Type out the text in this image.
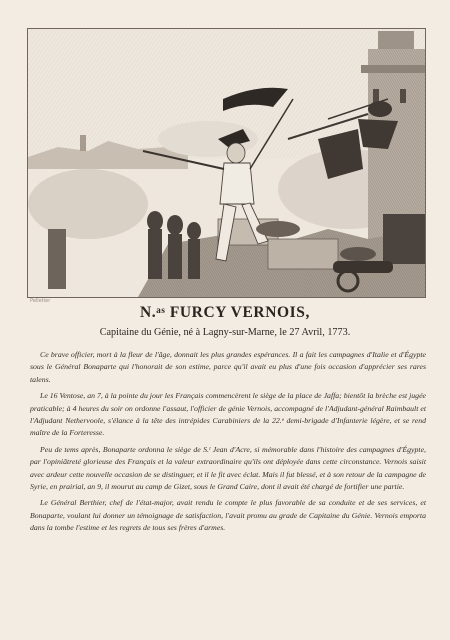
Pelletier
N.ᵃˢ FURCY VERNOIS,
Capitaine du Génie, né à Lagny-sur-Marne, le 27 Avril, 1773.

Ce brave officier, mort à la fleur de l'âge, donnait les plus grandes espérances. Il a fait les campagnes d'Italie et d'Égypte sous le Général Bonaparte qui l'honorait de son estime, parce qu'il avait eu plus d'une fois occasion d'apprécier ses rares talens.

Le 16 Ventose, an 7, à la pointe du jour les Français commencèrent le siège de la place de Jaffa; bientôt la brèche est jugée praticable; à 4 heures du soir on ordonne l'assaut, l'officier de génie Vernois, accompagné de l'Adjudant-général Raimbault et l'Adjudant Nethervoole, s'élance à la tête des intrépides Carabiniers de la 22.ᵉ demi-brigade d'Infanterie légère, et se rend maître de la Forteresse.

Peu de tems après, Bonaparte ordonna le siège de S.ᵗ Jean d'Acre, si mémorable dans l'histoire des campagnes d'Égypte, par l'opiniâtreté glorieuse des Français et la valeur extraordinaire qu'ils ont déployée dans cette circonstance. Vernois saisit avec ardeur cette nouvelle occasion de se distinguer, et il le fit avec éclat. Mais il fut blessé, et à son retour de la campagne de Syrie, en prairial, an 9, il mourut au camp de Gizet, sous le Grand Caire, dont il avait été chargé de fortifier une partie.

Le Général Berthier, chef de l'état-major, avait rendu le compte le plus favorable de sa conduite et de ses services, et Bonaparte, voulant lui donner un témoignage de satisfaction, l'avait promu au grade de Capitaine du Génie. Vernois emporta dans la tombe l'estime et les regrets de tous ses frères d'armes.
